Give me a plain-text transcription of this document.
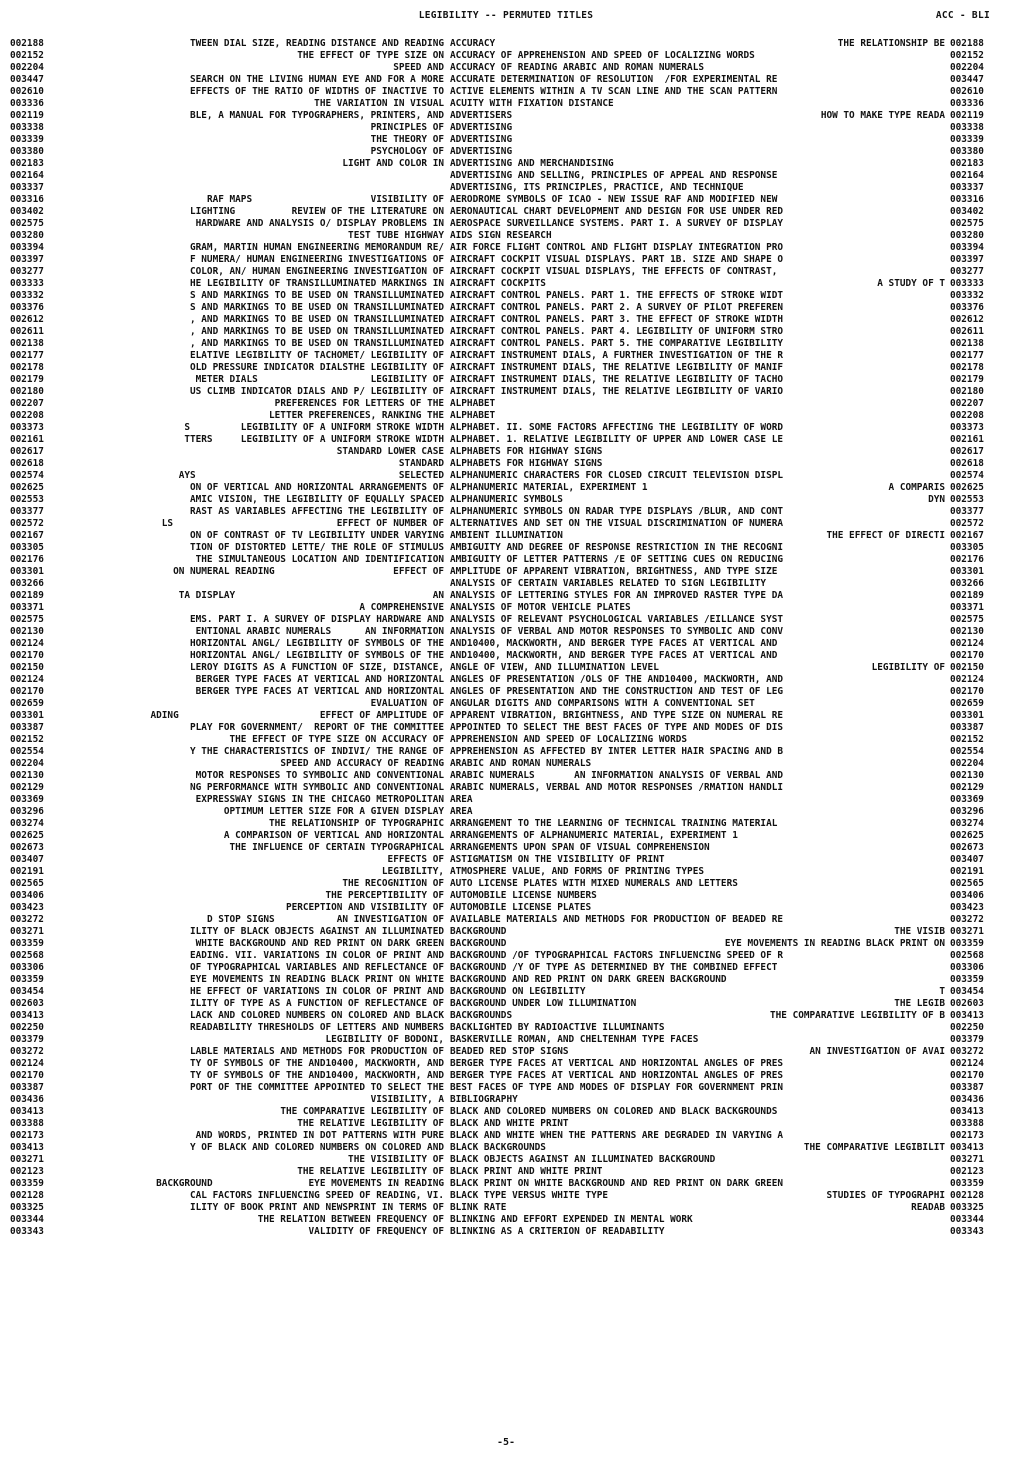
LEGIBILITY -- PERMUTED TITLES	ACC - BLI
002188	TWEEN DIAL SIZE, READING DISTANCE AND READING ACCURACY	THE RELATIONSHIP BE 002188
002152	THE EFFECT OF TYPE SIZE ON ACCURACY OF APPREHENSION AND SPEED OF LOCALIZING WORDS	002152
002204	SPEED AND ACCURACY OF READING ARABIC AND ROMAN NUMERALS	002204
003447	SEARCH ON THE LIVING HUMAN EYE AND FOR A MORE ACCURATE DETERMINATION OF RESOLUTION  /FOR EXPERIMENTAL RE	003447
002610	EFFECTS OF THE RATIO OF WIDTHS OF INACTIVE TO ACTIVE ELEMENTS WITHIN A TV SCAN LINE AND THE SCAN PATTERN	002610
003336	THE VARIATION IN VISUAL ACUITY WITH FIXATION DISTANCE	003336
002119	BLE, A MANUAL FOR TYPOGRAPHERS, PRINTERS, AND ADVERTISERS	HOW TO MAKE TYPE READA 002119
003338	PRINCIPLES OF ADVERTISING	003338
003339	THE THEORY OF ADVERTISING	003339
003380	PSYCHOLOGY OF ADVERTISING	003380
002183	LIGHT AND COLOR IN ADVERTISING AND MERCHANDISING	002183
002164	ADVERTISING AND SELLING, PRINCIPLES OF APPEAL AND RESPONSE	002164
003337	ADVERTISING, ITS PRINCIPLES, PRACTICE, AND TECHNIQUE	003337
003316	RAF MAPS                     VISIBILITY OF AERODROME SYMBOLS OF ICAO - NEW ISSUE RAF AND MODIFIED NEW	003316
003402	LIGHTING          REVIEW OF THE LITERATURE ON AERONAUTICAL CHART DEVELOPMENT AND DESIGN FOR USE UNDER RED	003402
002575	HARDWARE AND ANALYSIS O/ DISPLAY PROBLEMS IN AEROSPACE SURVEILLANCE SYSTEMS. PART I. A SURVEY OF DISPLAY	002575
003280	TEST TUBE HIGHWAY AIDS SIGN RESEARCH	003280
003394	GRAM, MARTIN HUMAN ENGINEERING MEMORANDUM RE/ AIR FORCE FLIGHT CONTROL AND FLIGHT DISPLAY INTEGRATION PRO	003394
003397	F NUMERA/ HUMAN ENGINEERING INVESTIGATIONS OF AIRCRAFT COCKPIT VISUAL DISPLAYS. PART 1B. SIZE AND SHAPE O	003397
003277	COLOR, AN/ HUMAN ENGINEERING INVESTIGATION OF AIRCRAFT COCKPIT VISUAL DISPLAYS, THE EFFECTS OF CONTRAST,	003277
003333	HE LEGIBILITY OF TRANSILLUMINATED MARKINGS IN AIRCRAFT COCKPITS	A STUDY OF T 003333
003332	S AND MARKINGS TO BE USED ON TRANSILLUMINATED AIRCRAFT CONTROL PANELS. PART 1. THE EFFECTS OF STROKE WIDT	003332
003376	S AND MARKINGS TO BE USED ON TRANSILLUMINATED AIRCRAFT CONTROL PANELS. PART 2. A SURVEY OF PILOT PREFEREN	003376
002612	, AND MARKINGS TO BE USED ON TRANSILLUMINATED AIRCRAFT CONTROL PANELS. PART 3. THE EFFECT OF STROKE WIDTH	002612
002611	, AND MARKINGS TO BE USED ON TRANSILLUMINATED AIRCRAFT CONTROL PANELS. PART 4. LEGIBILITY OF UNIFORM STRO	002611
002138	, AND MARKINGS TO BE USED ON TRANSILLUMINATED AIRCRAFT CONTROL PANELS. PART 5. THE COMPARATIVE LEGIBILITY	002138
002177	ELATIVE LEGIBILITY OF TACHOMET/ LEGIBILITY OF AIRCRAFT INSTRUMENT DIALS, A FURTHER INVESTIGATION OF THE R	002177
002178	OLD PRESSURE INDICATOR DIALSTHE LEGIBILITY OF AIRCRAFT INSTRUMENT DIALS, THE RELATIVE LEGIBILITY OF MANIF	002178
002179	METER DIALS                    LEGIBILITY OF AIRCRAFT INSTRUMENT DIALS, THE RELATIVE LEGIBILITY OF TACHO	002179
002180	US CLIMB INDICATOR DIALS AND P/ LEGIBILITY OF AIRCRAFT INSTRUMENT DIALS, THE RELATIVE LEGIBILITY OF VARIO	002180
002207	PREFERENCES FOR LETTERS OF THE ALPHABET	002207
002208	LETTER PREFERENCES, RANKING THE ALPHABET	002208
003373	S         LEGIBILITY OF A UNIFORM STROKE WIDTH ALPHABET. II. SOME FACTORS AFFECTING THE LEGIBILITY OF WORD	003373
002161	TTERS     LEGIBILITY OF A UNIFORM STROKE WIDTH ALPHABET. 1. RELATIVE LEGIBILITY OF UPPER AND LOWER CASE LE	002161
002617	STANDARD LOWER CASE ALPHABETS FOR HIGHWAY SIGNS	002617
002618	STANDARD ALPHABETS FOR HIGHWAY SIGNS	002618
002574	AYS                                    SELECTED ALPHANUMERIC CHARACTERS FOR CLOSED CIRCUIT TELEVISION DISPL	002574
002625	ON OF VERTICAL AND HORIZONTAL ARRANGEMENTS OF ALPHANUMERIC MATERIAL, EXPERIMENT 1	A COMPARIS 002625
002553	AMIC VISION, THE LEGIBILITY OF EQUALLY SPACED ALPHANUMERIC SYMBOLS	DYN 002553
003377	RAST AS VARIABLES AFFECTING THE LEGIBILITY OF ALPHANUMERIC SYMBOLS ON RADAR TYPE DISPLAYS /BLUR, AND CONT	003377
002572	LS                             EFFECT OF NUMBER OF ALTERNATIVES AND SET ON THE VISUAL DISCRIMINATION OF NUMERA	002572
002167	ON OF CONTRAST OF TV LEGIBILITY UNDER VARYING AMBIENT ILLUMINATION	THE EFFECT OF DIRECTI 002167
003305	TION OF DISTORTED LETTE/ THE ROLE OF STIMULUS AMBIGUITY AND DEGREE OF RESPONSE RESTRICTION IN THE RECOGNI	003305
002176	THE SIMULTANEOUS LOCATION AND IDENTIFICATION AMBIGUITY OF LETTER PATTERNS /E OF SETTING CUES ON REDUCING	002176
003301	ON NUMERAL READING                     EFFECT OF AMPLITUDE OF APPARENT VIBRATION, BRIGHTNESS, AND TYPE SIZE	003301
003266	ANALYSIS OF CERTAIN VARIABLES RELATED TO SIGN LEGIBILITY	003266
002189	TA DISPLAY                                   AN ANALYSIS OF LETTERING STYLES FOR AN IMPROVED RASTER TYPE DA	002189
003371	A COMPREHENSIVE ANALYSIS OF MOTOR VEHICLE PLATES	003371
002575	EMS. PART I. A SURVEY OF DISPLAY HARDWARE AND ANALYSIS OF RELEVANT PSYCHOLOGICAL VARIABLES /EILLANCE SYST	002575
002130	ENTIONAL ARABIC NUMERALS      AN INFORMATION ANALYSIS OF VERBAL AND MOTOR RESPONSES TO SYMBOLIC AND CONV	002130
002124	HORIZONTAL ANGL/ LEGIBILITY OF SYMBOLS OF THE AND10400, MACKWORTH, AND BERGER TYPE FACES AT VERTICAL AND	002124
002170	HORIZONTAL ANGL/ LEGIBILITY OF SYMBOLS OF THE AND10400, MACKWORTH, AND BERGER TYPE FACES AT VERTICAL AND	002170
002150	LEROY DIGITS AS A FUNCTION OF SIZE, DISTANCE, ANGLE OF VIEW, AND ILLUMINATION LEVEL	LEGIBILITY OF 002150
002124	BERGER TYPE FACES AT VERTICAL AND HORIZONTAL ANGLES OF PRESENTATION /OLS OF THE AND10400, MACKWORTH, AND	002124
002170	BERGER TYPE FACES AT VERTICAL AND HORIZONTAL ANGLES OF PRESENTATION AND THE CONSTRUCTION AND TEST OF LEG	002170
002659	EVALUATION OF ANGULAR DIGITS AND COMPARISONS WITH A CONVENTIONAL SET	002659
003301	ADING                         EFFECT OF AMPLITUDE OF APPARENT VIBRATION, BRIGHTNESS, AND TYPE SIZE ON NUMERAL RE	003301
003387	PLAY FOR GOVERNMENT/  REPORT OF THE COMMITTEE APPOINTED TO SELECT THE BEST FACES OF TYPE AND MODES OF DIS	003387
002152	THE EFFECT OF TYPE SIZE ON ACCURACY OF APPREHENSION AND SPEED OF LOCALIZING WORDS	002152
002554	Y THE CHARACTERISTICS OF INDIVI/ THE RANGE OF APPREHENSION AS AFFECTED BY INTER LETTER HAIR SPACING AND B	002554
002204	SPEED AND ACCURACY OF READING ARABIC AND ROMAN NUMERALS	002204
002130	MOTOR RESPONSES TO SYMBOLIC AND CONVENTIONAL ARABIC NUMERALS       AN INFORMATION ANALYSIS OF VERBAL AND	002130
002129	NG PERFORMANCE WITH SYMBOLIC AND CONVENTIONAL ARABIC NUMERALS, VERBAL AND MOTOR RESPONSES /RMATION HANDLI	002129
003369	EXPRESSWAY SIGNS IN THE CHICAGO METROPOLITAN AREA	003369
003296	OPTIMUM LETTER SIZE FOR A GIVEN DISPLAY AREA	003296
003274	THE RELATIONSHIP OF TYPOGRAPHIC ARRANGEMENT TO THE LEARNING OF TECHNICAL TRAINING MATERIAL	003274
002625	A COMPARISON OF VERTICAL AND HORIZONTAL ARRANGEMENTS OF ALPHANUMERIC MATERIAL, EXPERIMENT 1	002625
002673	THE INFLUENCE OF CERTAIN TYPOGRAPHICAL ARRANGEMENTS UPON SPAN OF VISUAL COMPREHENSION	002673
003407	EFFECTS OF ASTIGMATISM ON THE VISIBILITY OF PRINT	003407
002191	LEGIBILITY, ATMOSPHERE VALUE, AND FORMS OF PRINTING TYPES	002191
002565	THE RECOGNITION OF AUTO LICENSE PLATES WITH MIXED NUMERALS AND LETTERS	002565
003406	THE PERCEPTIBILITY OF AUTOMOBILE LICENSE NUMBERS	003406
003423	PERCEPTION AND VISIBILITY OF AUTOMOBILE LICENSE PLATES	003423
003272	D STOP SIGNS           AN INVESTIGATION OF AVAILABLE MATERIALS AND METHODS FOR PRODUCTION OF BEADED RE	003272
003271	ILITY OF BLACK OBJECTS AGAINST AN ILLUMINATED BACKGROUND	THE VISIB 003271
003359	WHITE BACKGROUND AND RED PRINT ON DARK GREEN BACKGROUND	EYE MOVEMENTS IN READING BLACK PRINT ON 003359
002568	EADING. VII. VARIATIONS IN COLOR OF PRINT AND BACKGROUND /OF TYPOGRAPHICAL FACTORS INFLUENCING SPEED OF R	002568
003306	OF TYPOGRAPHICAL VARIABLES AND REFLECTANCE OF BACKGROUND /Y OF TYPE AS DETERMINED BY THE COMBINED EFFECT	003306
003359	EYE MOVEMENTS IN READING BLACK PRINT ON WHITE BACKGROUND AND RED PRINT ON DARK GREEN BACKGROUND	003359
003454	HE EFFECT OF VARIATIONS IN COLOR OF PRINT AND BACKGROUND ON LEGIBILITY	T 003454
002603	ILITY OF TYPE AS A FUNCTION OF REFLECTANCE OF BACKGROUND UNDER LOW ILLUMINATION	THE LEGIB 002603
003413	LACK AND COLORED NUMBERS ON COLORED AND BLACK BACKGROUNDS	THE COMPARATIVE LEGIBILITY OF B 003413
002250	READABILITY THRESHOLDS OF LETTERS AND NUMBERS BACKLIGHTED BY RADIOACTIVE ILLUMINANTS	002250
003379	LEGIBILITY OF BODONI, BASKERVILLE ROMAN, AND CHELTENHAM TYPE FACES	003379
003272	LABLE MATERIALS AND METHODS FOR PRODUCTION OF BEADED RED STOP SIGNS	AN INVESTIGATION OF AVAI 003272
002124	TY OF SYMBOLS OF THE AND10400, MACKWORTH, AND BERGER TYPE FACES AT VERTICAL AND HORIZONTAL ANGLES OF PRES	002124
002170	TY OF SYMBOLS OF THE AND10400, MACKWORTH, AND BERGER TYPE FACES AT VERTICAL AND HORIZONTAL ANGLES OF PRES	002170
003387	PORT OF THE COMMITTEE APPOINTED TO SELECT THE BEST FACES OF TYPE AND MODES OF DISPLAY FOR GOVERNMENT PRIN	003387
003436	VISIBILITY, A BIBLIOGRAPHY	003436
003413	THE COMPARATIVE LEGIBILITY OF BLACK AND COLORED NUMBERS ON COLORED AND BLACK BACKGROUNDS	003413
003388	THE RELATIVE LEGIBILITY OF BLACK AND WHITE PRINT	003388
002173	AND WORDS, PRINTED IN DOT PATTERNS WITH PURE BLACK AND WHITE WHEN THE PATTERNS ARE DEGRADED IN VARYING A	002173
003413	Y OF BLACK AND COLORED NUMBERS ON COLORED AND BLACK BACKGROUNDS	THE COMPARATIVE LEGIBILIT 003413
003271	THE VISIBILITY OF BLACK OBJECTS AGAINST AN ILLUMINATED BACKGROUND	003271
002123	THE RELATIVE LEGIBILITY OF BLACK PRINT AND WHITE PRINT	002123
003359	BACKGROUND                 EYE MOVEMENTS IN READING BLACK PRINT ON WHITE BACKGROUND AND RED PRINT ON DARK GREEN	003359
002128	CAL FACTORS INFLUENCING SPEED OF READING, VI. BLACK TYPE VERSUS WHITE TYPE	STUDIES OF TYPOGRAPHI 002128
003325	ILITY OF BOOK PRINT AND NEWSPRINT IN TERMS OF BLINK RATE	READAB 003325
003344	THE RELATION BETWEEN FREQUENCY OF BLINKING AND EFFORT EXPENDED IN MENTAL WORK	003344
003343	VALIDITY OF FREQUENCY OF BLINKING AS A CRITERION OF READABILITY	003343
-5-
